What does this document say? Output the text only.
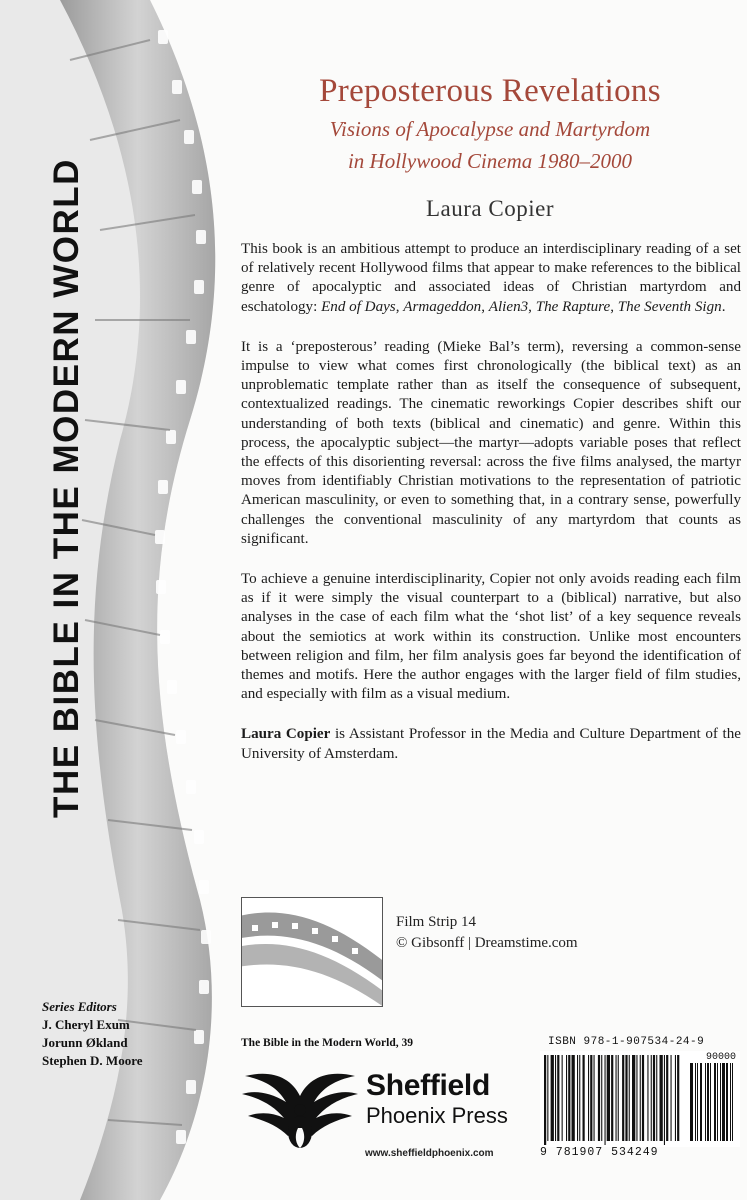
THE BIBLE IN THE MODERN WORLD
Series Editors
J. Cheryl Exum
Jorunn Økland
Stephen D. Moore
Preposterous Revelations
Visions of Apocalypse and Martyrdom
in Hollywood Cinema 1980–2000
Laura Copier

This book is an ambitious attempt to produce an interdisciplinary reading of a set of relatively recent Hollywood films that appear to make references to the biblical genre of apocalyptic and associated ideas of Christian martyrdom and eschatology: End of Days, Armageddon, Alien3, The Rapture, The Seventh Sign.

It is a ‘preposterous’ reading (Mieke Bal’s term), reversing a common-sense impulse to view what comes first chronologically (the biblical text) as an unproblematic template rather than as itself the consequence of subsequent, contextualized readings. The cinematic reworkings Copier describes shift our understanding of both texts (biblical and cinematic) and genre. Within this process, the apocalyptic subject—the martyr—adopts variable poses that reflect the effects of this disorienting reversal: across the five films analysed, the martyr moves from identifiably Christian motivations to the representation of patriotic American masculinity, or even to something that, in a contrary sense, powerfully challenges the conventional masculinity of any martyrdom that counts as significant.

To achieve a genuine interdisciplinarity, Copier not only avoids reading each film as if it were simply the visual counterpart to a (biblical) narrative, but also analyses in the case of each film what the ‘shot list’ of a key sequence reveals about the semiotics at work within its construction. Unlike most encounters between religion and film, her film analysis goes far beyond the identification of themes and motifs. Here the author engages with the larger field of film studies, and especially with film as a visual medium.

Laura Copier is Assistant Professor in the Media and Culture Department of the University of Amsterdam.

Film Strip 14
© Gibsonff | Dreamstime.com
The Bible in the Modern World, 39
Sheffield
Phoenix Press
www.sheffieldphoenix.com
ISBN 978-1-907534-24-9
90000
9 781907 534249
